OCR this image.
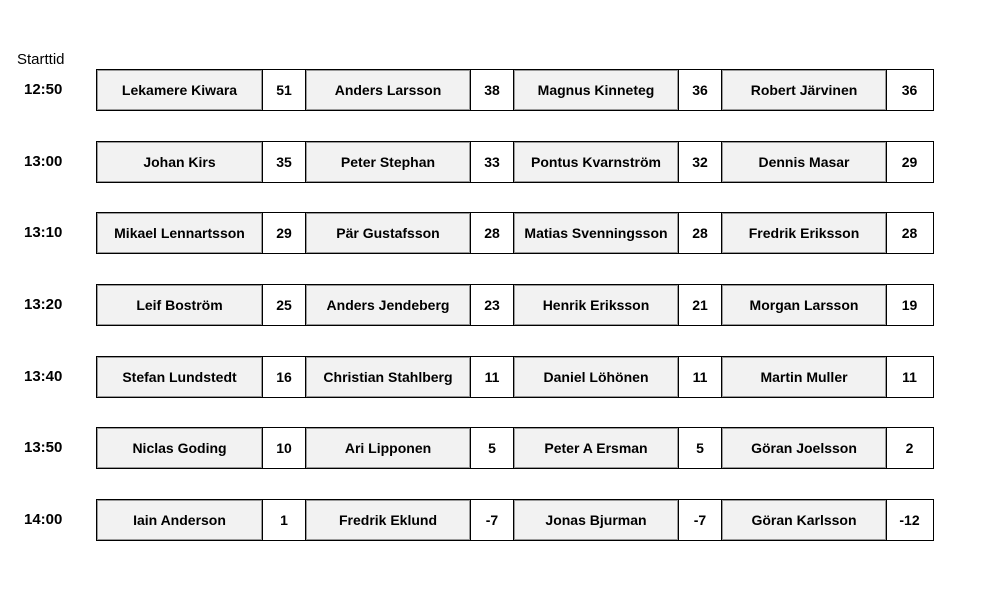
Starttid
12:50	Lekamere Kiwara	51	Anders Larsson	38	Magnus Kinneteg	36	Robert Järvinen	36
13:00	Johan Kirs	35	Peter Stephan	33	Pontus Kvarnström	32	Dennis Masar	29
13:10	Mikael Lennartsson	29	Pär Gustafsson	28	Matias Svenningsson	28	Fredrik Eriksson	28
13:20	Leif Boström	25	Anders Jendeberg	23	Henrik Eriksson	21	Morgan Larsson	19
13:40	Stefan Lundstedt	16	Christian Stahlberg	11	Daniel Löhönen	11	Martin Muller	11
13:50	Niclas Goding	10	Ari Lipponen	5	Peter A Ersman	5	Göran Joelsson	2
14:00	Iain Anderson	1	Fredrik Eklund	-7	Jonas Bjurman	-7	Göran Karlsson	-12
